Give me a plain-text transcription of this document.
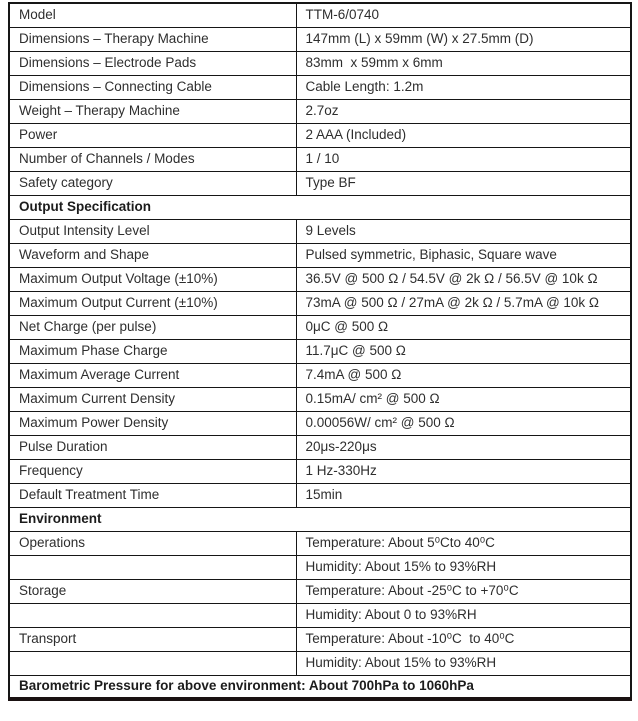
Model	TTM-6/0740
Dimensions – Therapy Machine	147mm (L) x 59mm (W) x 27.5mm (D)
Dimensions – Electrode Pads	83mm  x 59mm x 6mm
Dimensions – Connecting Cable	Cable Length: 1.2m
Weight – Therapy Machine	2.7oz
Power	2 AAA (Included)
Number of Channels / Modes	1 / 10
Safety category	Type BF
Output Specification	
Output Intensity Level	9 Levels
Waveform and Shape	Pulsed symmetric, Biphasic, Square wave
Maximum Output Voltage (±10%)	36.5V @ 500 Ω / 54.5V @ 2k Ω / 56.5V @ 10k Ω
Maximum Output Current (±10%)	73mA @ 500 Ω / 27mA @ 2k Ω / 5.7mA @ 10k Ω
Net Charge (per pulse)	0μC @ 500 Ω
Maximum Phase Charge	11.7μC @ 500 Ω
Maximum Average Current	7.4mA @ 500 Ω
Maximum Current Density	0.15mA/ cm² @ 500 Ω
Maximum Power Density	0.00056W/ cm² @ 500 Ω
Pulse Duration	20μs-220μs
Frequency	1 Hz-330Hz
Default Treatment Time	15min
Environment	
Operations	Temperature: About 5⁰Cto 40⁰C
	Humidity: About 15% to 93%RH
Storage	Temperature: About -25⁰C to +70⁰C
	Humidity: About 0 to 93%RH
Transport	Temperature: About -10⁰C  to 40⁰C
	Humidity: About 15% to 93%RH
Barometric Pressure for above environment: About 700hPa to 1060hPa	
